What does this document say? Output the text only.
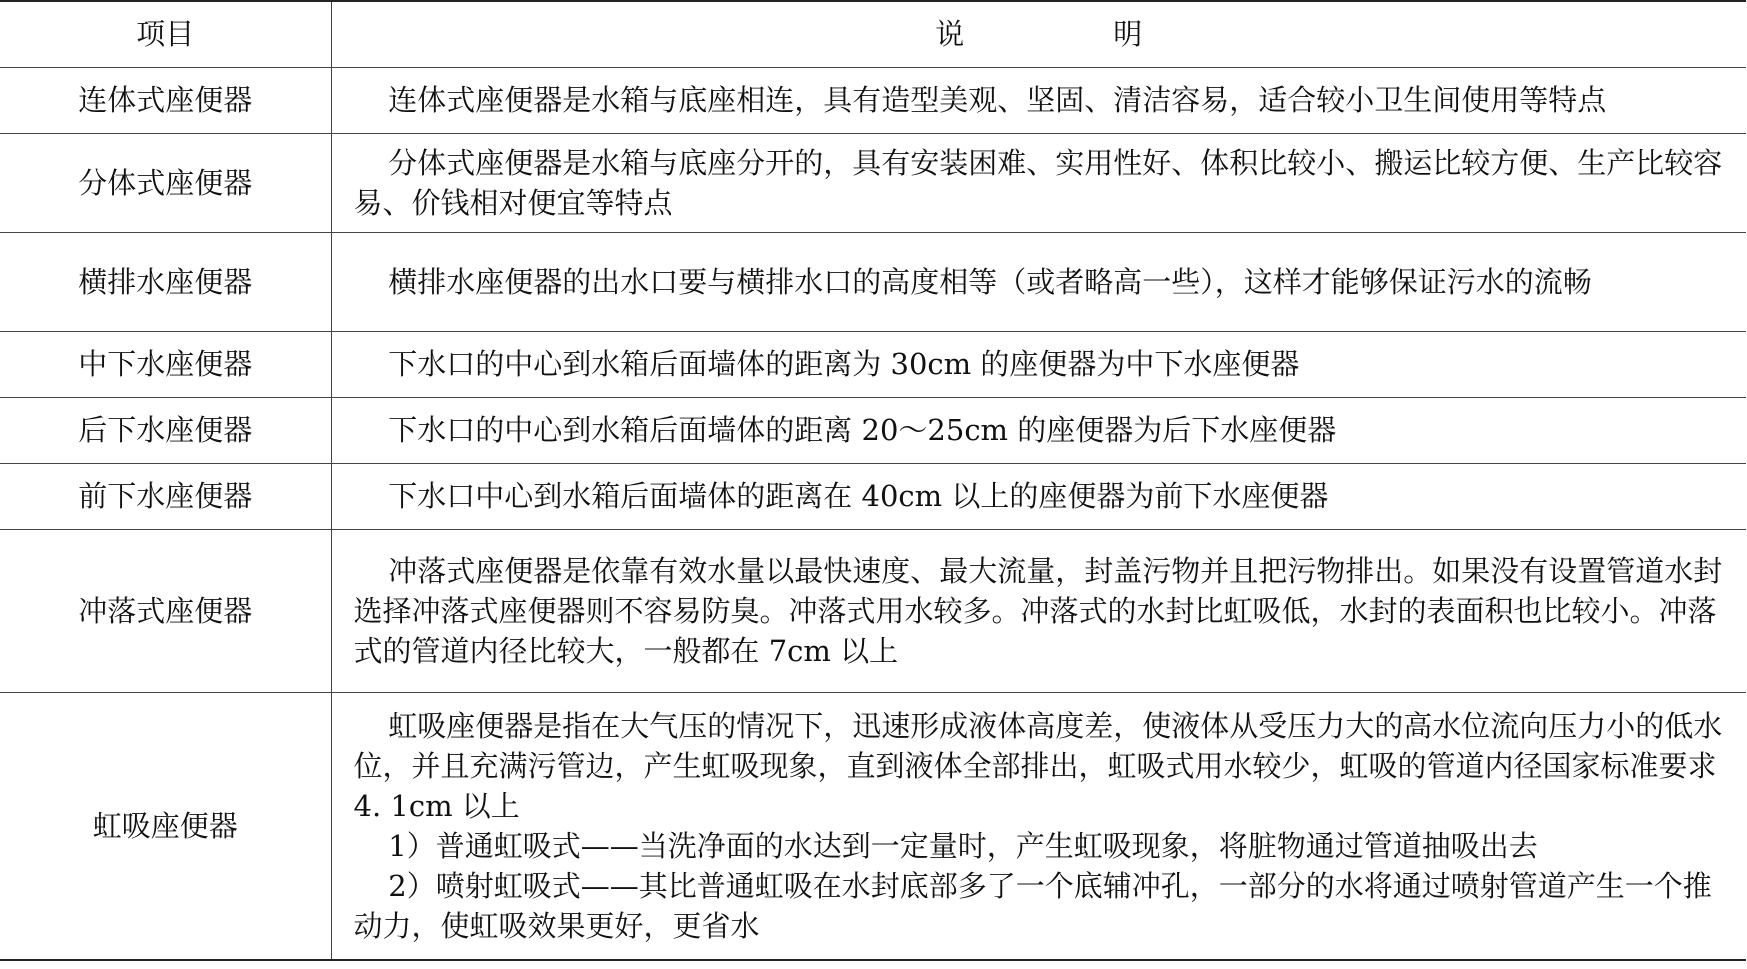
项目	说　明
连体式座便器	连体式座便器是水箱与底座相连，具有造型美观、坚固、清洁容易，适合较小卫生间使用等特点

分体式座便器	分体式座便器是水箱与底座分开的，具有安装困难、实用性好、体积比较小、搬运比较方便、生产比较容易、价钱相对便宜等特点

横排水座便器	横排水座便器的出水口要与横排水口的高度相等（或者略高一些），这样才能够保证污水的流畅

中下水座便器	下水口的中心到水箱后面墙体的距离为 30cm 的座便器为中下水座便器

后下水座便器	下水口的中心到水箱后面墙体的距离 20～25cm 的座便器为后下水座便器

前下水座便器	下水口中心到水箱后面墙体的距离在 40cm 以上的座便器为前下水座便器

冲落式座便器	冲落式座便器是依靠有效水量以最快速度、最大流量，封盖污物并且把污物排出。如果没有设置管道水封选择冲落式座便器则不容易防臭。冲落式用水较多。冲落式的水封比虹吸低，水封的表面积也比较小。冲落式的管道内径比较大，一般都在 7cm 以上

虹吸座便器	虹吸座便器是指在大气压的情况下，迅速形成液体高度差，使液体从受压力大的高水位流向压力小的低水位，并且充满污管边，产生虹吸现象，直到液体全部排出，虹吸式用水较少，虹吸的管道内径国家标准要求 4. 1cm 以上

1）普通虹吸式——当洗净面的水达到一定量时，产生虹吸现象，将脏物通过管道抽吸出去

2）喷射虹吸式——其比普通虹吸在水封底部多了一个底辅冲孔，一部分的水将通过喷射管道产生一个推动力，使虹吸效果更好，更省水
